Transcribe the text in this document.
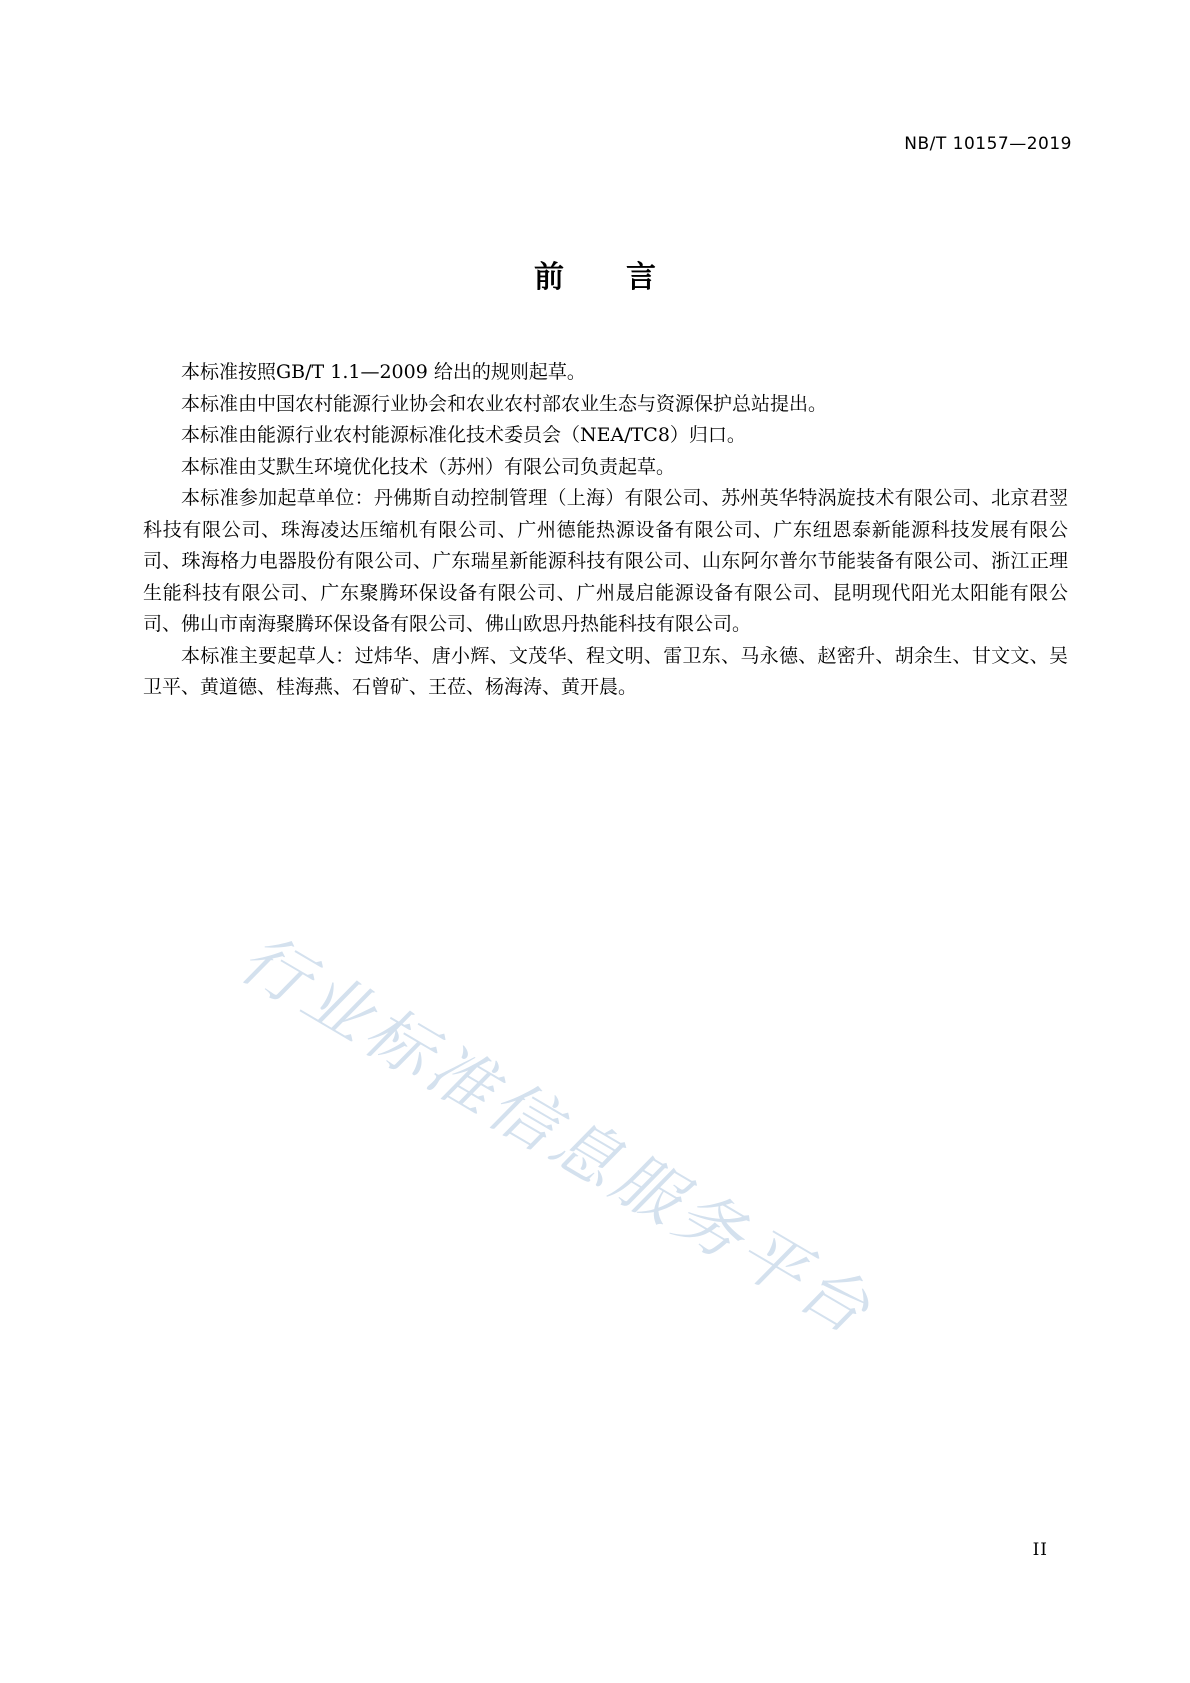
NB/T 10157—2019
前言

本标准按照GB/T 1.1—2009 给出的规则起草。

本标准由中国农村能源行业协会和农业农村部农业生态与资源保护总站提出。

本标准由能源行业农村能源标准化技术委员会（NEA/TC8）归口。

本标准由艾默生环境优化技术（苏州）有限公司负责起草。

本标准参加起草单位：丹佛斯自动控制管理（上海）有限公司、苏州英华特涡旋技术有限公司、北京君翌科技有限公司、珠海凌达压缩机有限公司、广州德能热源设备有限公司、广东纽恩泰新能源科技发展有限公司、珠海格力电器股份有限公司、广东瑞星新能源科技有限公司、山东阿尔普尔节能装备有限公司、浙江正理生能科技有限公司、广东聚腾环保设备有限公司、广州晟启能源设备有限公司、昆明现代阳光太阳能有限公司、佛山市南海聚腾环保设备有限公司、佛山欧思丹热能科技有限公司。

本标准主要起草人：过炜华、唐小辉、文茂华、程文明、雷卫东、马永德、赵密升、胡余生、甘文文、吴卫平、黄道德、桂海燕、石曾矿、王莅、杨海涛、黄开晨。

行业标准信息服务平台
II
